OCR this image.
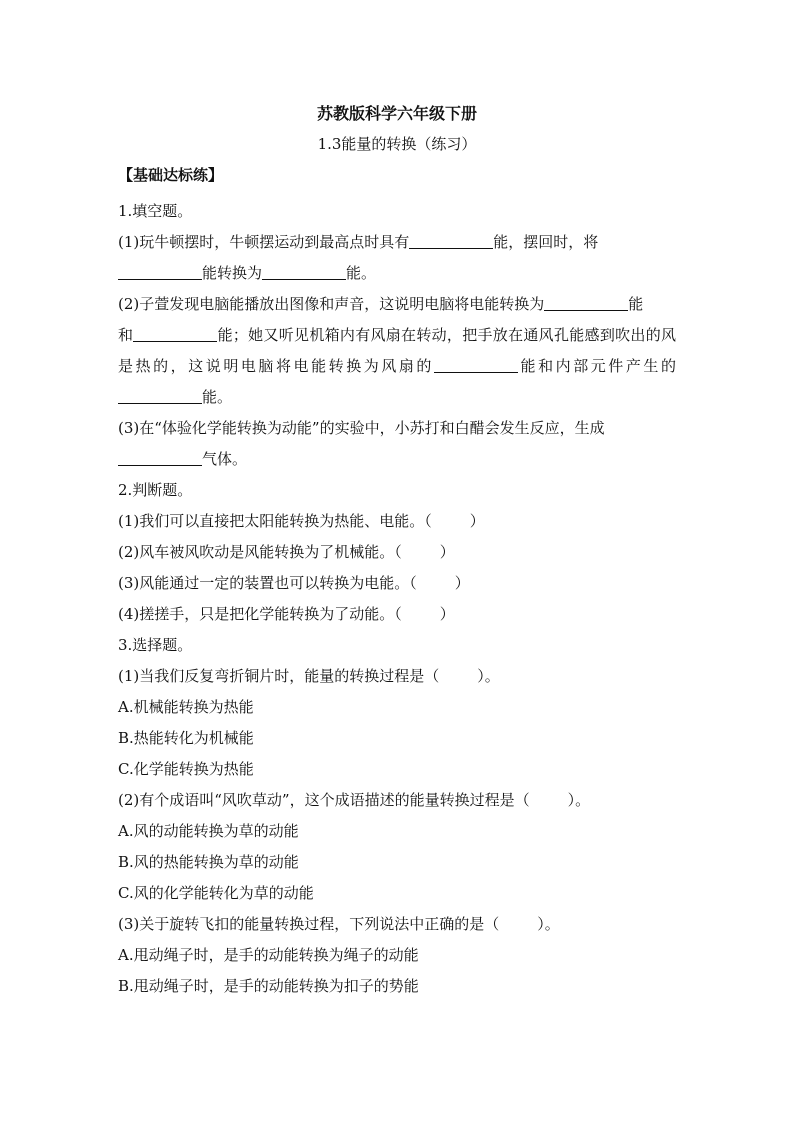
苏教版科学六年级下册
1.3能量的转换（练习）
【基础达标练】
1.填空题。

(1)玩牛顿摆时，牛顿摆运动到最高点时具有	能，摆回时，将
能转换为	能。

(2)子萱发现电脑能播放出图像和声音，这说明电脑将电能转换为	能
和	能；她又听见机箱内有风扇在转动，把手放在通风孔能感到吹出的风是热的，这说明电脑将电能转换为风扇的	能和内部元件产生的能。

(3)在“体验化学能转换为动能”的实验中，小苏打和白醋会发生反应，生成
气体。

2.判断题。
(1)我们可以直接把太阳能转换为热能、电能。（	）
(2)风车被风吹动是风能转换为了机械能。（	）
(3)风能通过一定的装置也可以转换为电能。（	）
(4)搓搓手，只是把化学能转换为了动能。（	）
3.选择题。
(1)当我们反复弯折铜片时，能量的转换过程是（	）。
A.机械能转换为热能
B.热能转化为机械能
C.化学能转换为热能
(2)有个成语叫“风吹草动”，这个成语描述的能量转换过程是（	）。
A.风的动能转换为草的动能
B.风的热能转换为草的动能
C.风的化学能转化为草的动能
(3)关于旋转飞扣的能量转换过程，下列说法中正确的是（	）。
A.甩动绳子时，是手的动能转换为绳子的动能
B.甩动绳子时，是手的动能转换为扣子的势能
